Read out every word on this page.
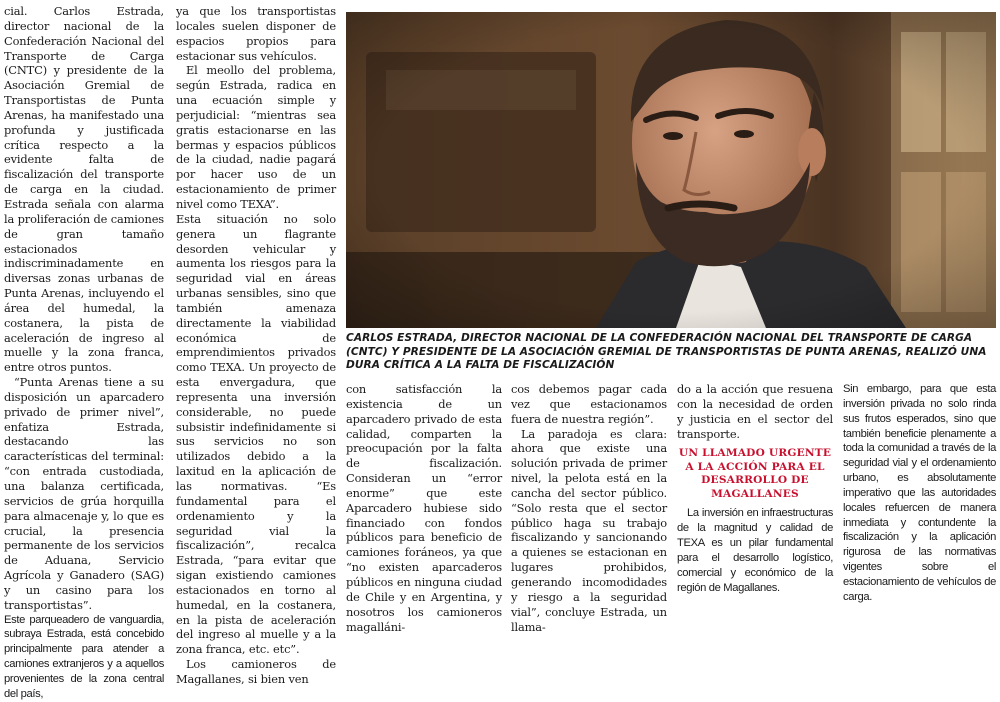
cial. Carlos Estrada, director nacional de la Confederación Nacional del Transporte de Carga (CNTC) y presidente de la Asociación Gremial de Transportistas de Punta Arenas, ha manifestado una profunda y justificada crítica respecto a la evidente falta de fiscalización del transporte de carga en la ciudad. Estrada señala con alarma la proliferación de camiones de gran tamaño estacionados indiscriminadamente en diversas zonas urbanas de Punta Arenas, incluyendo el área del humedal, la costanera, la pista de aceleración de ingreso al muelle y la zona franca, entre otros puntos.

“Punta Arenas tiene a su disposición un aparcadero privado de primer nivel”, enfatiza Estrada, destacando las características del terminal: “con entrada custodiada, una balanza certificada, servicios de grúa horquilla para almacenaje y, lo que es crucial, la presencia permanente de los servicios de Aduana, Servicio Agrícola y Ganadero (SAG) y un casino para los transportistas”.

Este parqueadero de vanguardia, subraya Estrada, está concebido principalmente para atender a camiones extranjeros y a aquellos provenientes de la zona central del país,

ya que los transportistas locales suelen disponer de espacios propios para estacionar sus vehículos.

El meollo del problema, según Estrada, radica en una ecuación simple y perjudicial: “mientras sea gratis estacionarse en las bermas y espacios públicos de la ciudad, nadie pagará por hacer uso de un estacionamiento de primer nivel como TEXA”.

Esta situación no solo genera un flagrante desorden vehicular y aumenta los riesgos para la seguridad vial en áreas urbanas sensibles, sino que también amenaza directamente la viabilidad económica de emprendimientos privados como TEXA. Un proyecto de esta envergadura, que representa una inversión considerable, no puede subsistir indefinidamente si sus servicios no son utilizados debido a la laxitud en la aplicación de las normativas. “Es fundamental para el ordenamiento y la seguridad vial la fiscalización”, recalca Estrada, “para evitar que sigan existiendo camiones estacionados en torno al humedal, en la costanera, en la pista de aceleración del ingreso al muelle y a la zona franca, etc. etc”.

Los camioneros de Magallanes, si bien ven

CARLOS ESTRADA, DIRECTOR NACIONAL DE LA CONFEDERACIÓN NACIONAL DEL TRANSPORTE DE CARGA (CNTC) Y PRESIDENTE DE LA ASOCIACIÓN GREMIAL DE TRANSPORTISTAS DE PUNTA ARENAS, REALIZÓ UNA DURA CRÍTICA A LA FALTA DE FISCALIZACIÓN

con satisfacción la existencia de un aparcadero privado de esta calidad, comparten la preocupación por la falta de fiscalización. Consideran un “error enorme” que este Aparcadero hubiese sido financiado con fondos públicos para beneficio de camiones foráneos, ya que “no existen aparcaderos públicos en ninguna ciudad de Chile y en Argentina, y nosotros los camioneros magalláni-

cos debemos pagar cada vez que estacionamos fuera de nuestra región”.

La paradoja es clara: ahora que existe una solución privada de primer nivel, la pelota está en la cancha del sector público. “Solo resta que el sector público haga su trabajo fiscalizando y sancionando a quienes se estacionan en lugares prohibidos, generando incomodidades y riesgo a la seguridad vial”, concluye Estrada, un llama-

do a la acción que resuena con la necesidad de orden y justicia en el sector del transporte.

UN LLAMADO URGENTE A LA ACCIÓN PARA EL DESARROLLO DE MAGALLANES

La inversión en infraestructuras de la magnitud y calidad de TEXA es un pilar fundamental para el desarrollo logístico, comercial y económico de la región de Magallanes.

Sin embargo, para que esta inversión privada no solo rinda sus frutos esperados, sino que también beneficie plenamente a toda la comunidad a través de la seguridad vial y el ordenamiento urbano, es absolutamente imperativo que las autoridades locales refuercen de manera inmediata y contundente la fiscalización y la aplicación rigurosa de las normativas vigentes sobre el estacionamiento de vehículos de carga.
